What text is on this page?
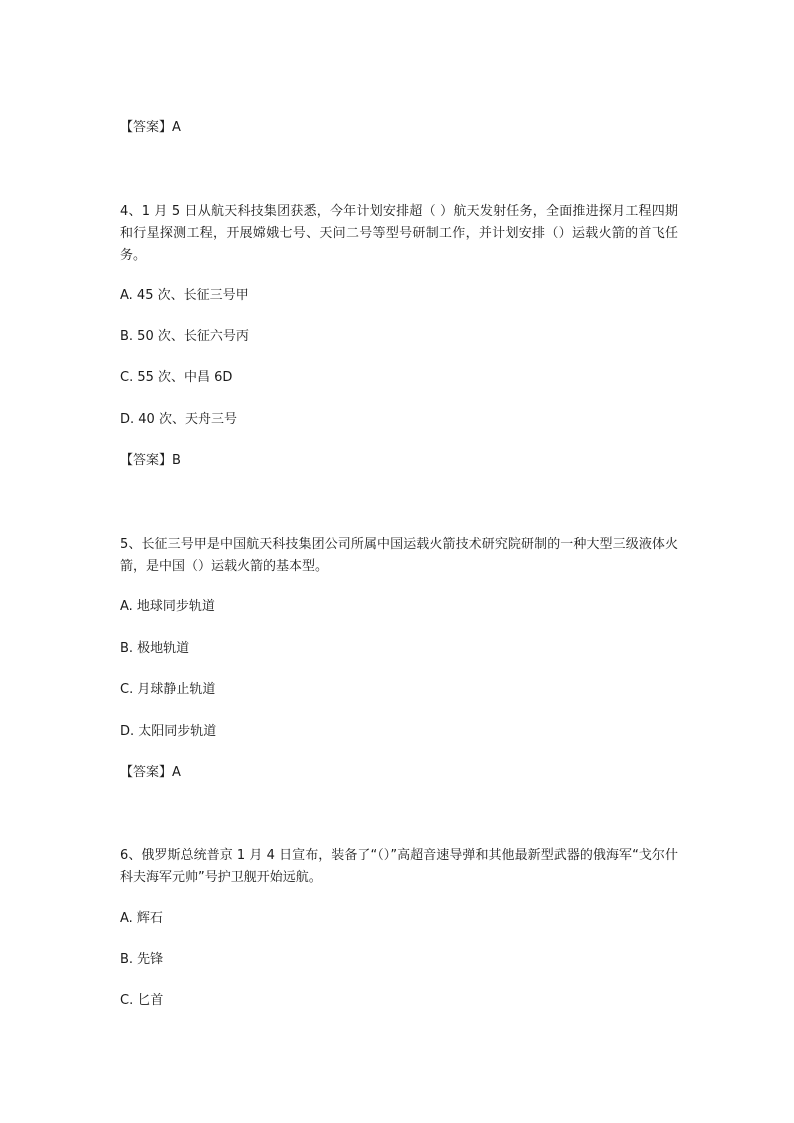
【答案】A
4、1 月 5 日从航天科技集团获悉，今年计划安排超（ ）航天发射任务，全面推进探月工程四期和行星探测工程，开展嫦娥七号、天问二号等型号研制工作，并计划安排（）运载火箭的首飞任务。
A. 45 次、长征三号甲
B. 50 次、长征六号丙
C. 55 次、中昌 6D
D. 40 次、天舟三号
【答案】B
5、长征三号甲是中国航天科技集团公司所属中国运载火箭技术研究院研制的一种大型三级液体火箭，是中国（）运载火箭的基本型。
A. 地球同步轨道
B. 极地轨道
C. 月球静止轨道
D. 太阳同步轨道
【答案】A
6、俄罗斯总统普京 1 月 4 日宣布，装备了“（）”高超音速导弹和其他最新型武器的俄海军“戈尔什科夫海军元帅”号护卫舰开始远航。
A. 辉石
B. 先锋
C. 匕首
